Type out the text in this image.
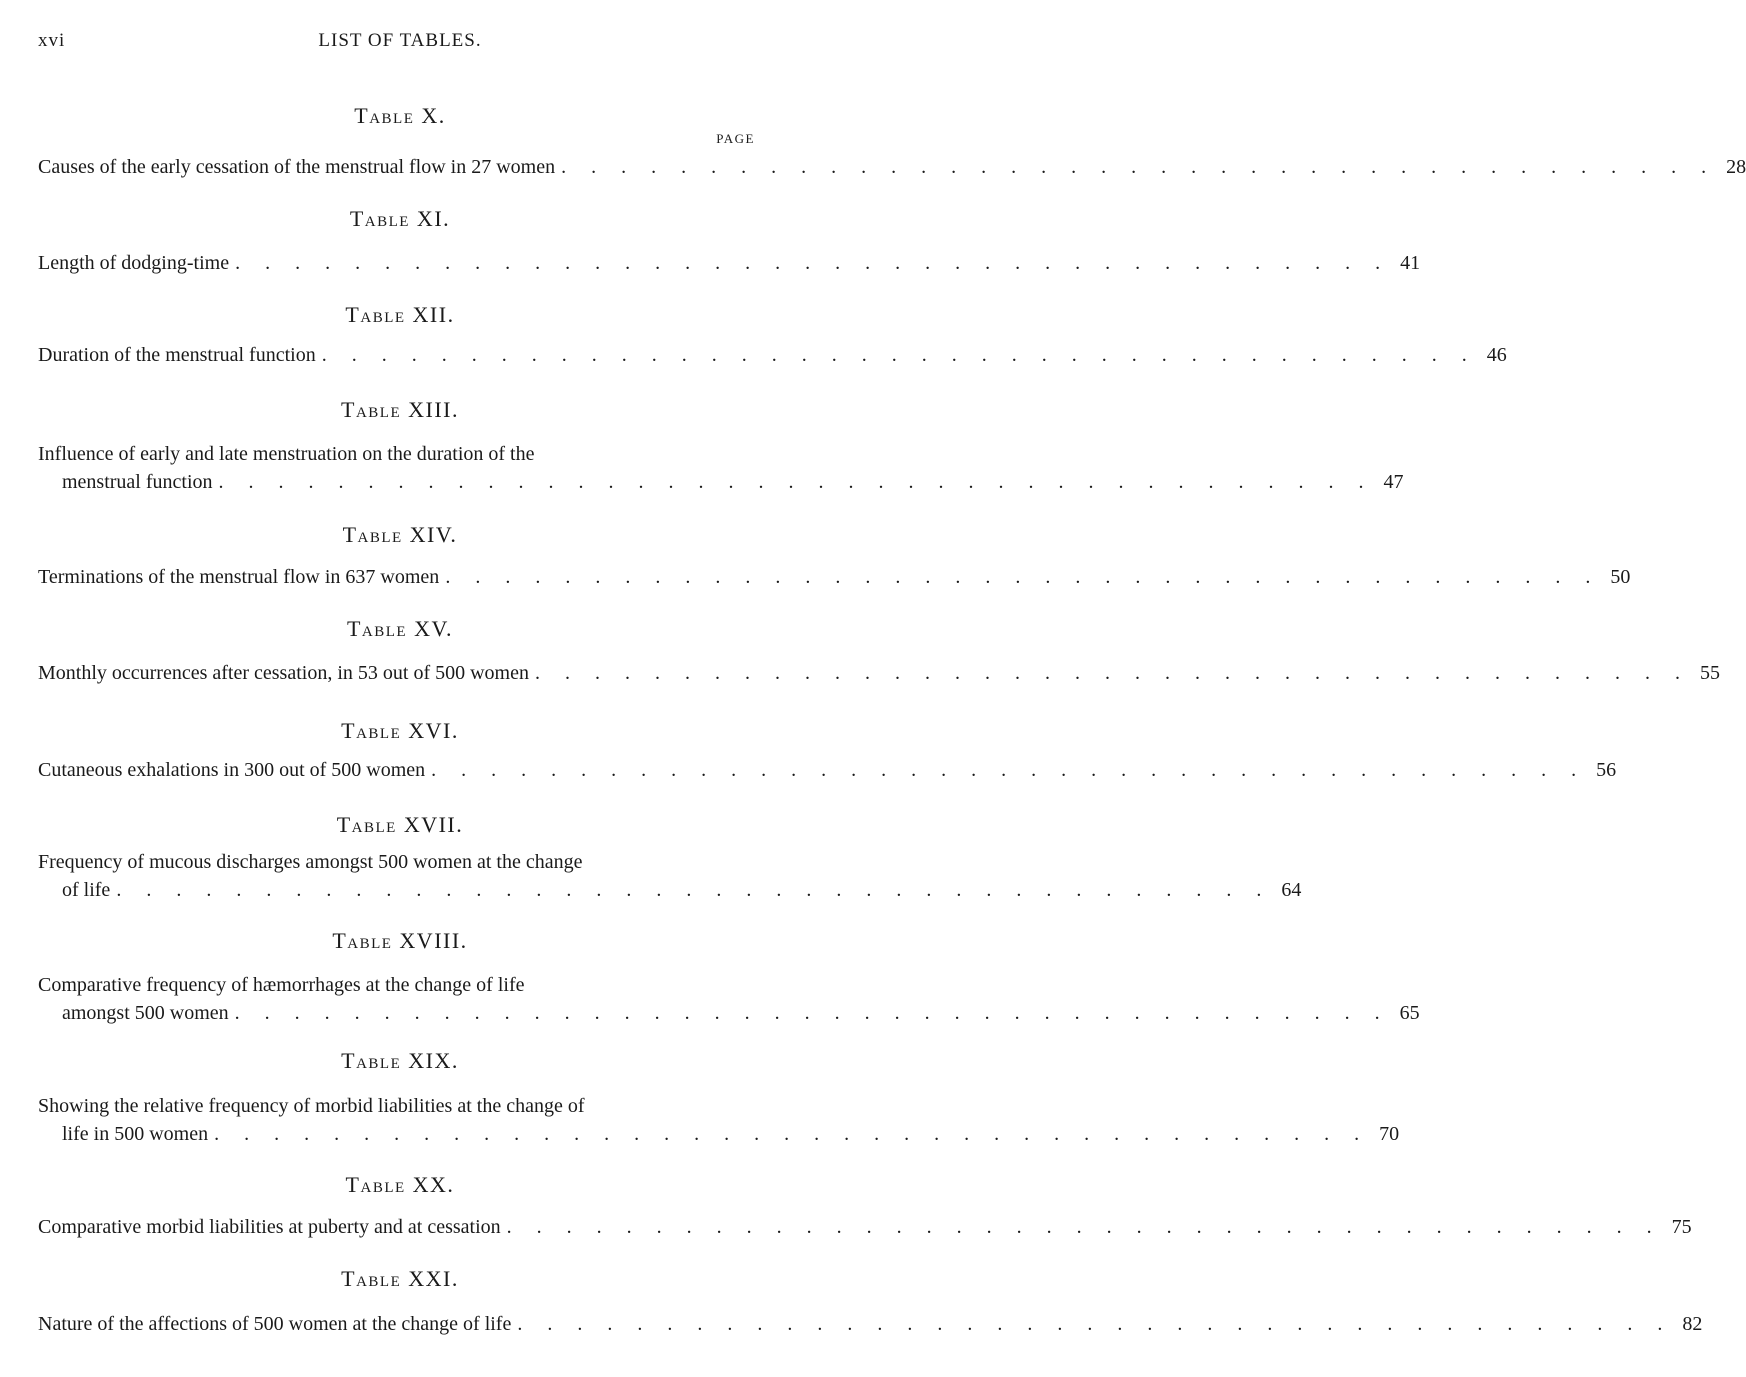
xvi	LIST OF TABLES.
PAGE
Table X.
Causes of the early cessation of the menstrual flow in 27 women . . . . . . . . . . . . . . . . . . . . . . . . . . . . . . . . . . . . . . . 28
Table XI.
Length of dodging-time . . . . . . . . . . . . . . . . . . . . . . . . . . . . . . . . . . . . . . . 41
Table XII.
Duration of the menstrual function . . . . . . . . . . . . . . . . . . . . . . . . . . . . . . . . . . . . . . . 46
Table XIII.
Influence of early and late menstruation on the duration of the
menstrual function . . . . . . . . . . . . . . . . . . . . . . . . . . . . . . . . . . . . . . . 47
Table XIV.
Terminations of the menstrual flow in 637 women . . . . . . . . . . . . . . . . . . . . . . . . . . . . . . . . . . . . . . . 50
Table XV.
Monthly occurrences after cessation, in 53 out of 500 women . . . . . . . . . . . . . . . . . . . . . . . . . . . . . . . . . . . . . . . 55
Table XVI.
Cutaneous exhalations in 300 out of 500 women . . . . . . . . . . . . . . . . . . . . . . . . . . . . . . . . . . . . . . . 56
Table XVII.
Frequency of mucous discharges amongst 500 women at the change
of life . . . . . . . . . . . . . . . . . . . . . . . . . . . . . . . . . . . . . . . 64
Table XVIII.
Comparative frequency of hæmorrhages at the change of life
amongst 500 women . . . . . . . . . . . . . . . . . . . . . . . . . . . . . . . . . . . . . . . 65
Table XIX.
Showing the relative frequency of morbid liabilities at the change of
life in 500 women . . . . . . . . . . . . . . . . . . . . . . . . . . . . . . . . . . . . . . . 70
Table XX.
Comparative morbid liabilities at puberty and at cessation . . . . . . . . . . . . . . . . . . . . . . . . . . . . . . . . . . . . . . . 75
Table XXI.
Nature of the affections of 500 women at the change of life . . . . . . . . . . . . . . . . . . . . . . . . . . . . . . . . . . . . . . . 82
